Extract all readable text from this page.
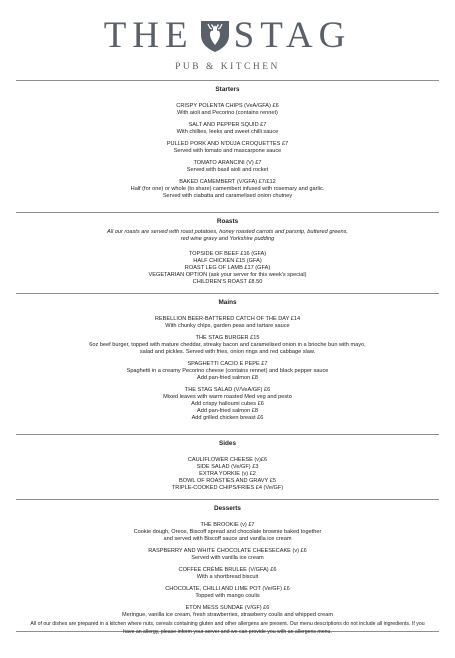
THE STAG
PUB & KITCHEN
Starters
CRISPY POLENTA CHIPS (VeA/GFA) £6
With aioli and Pecorino (contains rennet)
SALT AND PEPPER SQUID £7
With chillies, leeks and sweet chilli sauce
PULLED PORK AND N'DUJA CROQUETTES £7
Served with tomato and mascarpone sauce
TOMATO ARANCINI (V) £7
Served with basil aioli and rocket
BAKED CAMEMBERT (V/GFA) £7/£12
Half (for one) or whole (to share) camembert infused with rosemary and garlic.
Served with ciabatta and caramelised onion chutney
Roasts
All our roasts are served with roast potatoes, honey roasted carrots and parsnip, buttered greens,
red wine gravy and Yorkshire pudding
TOPSIDE OF BEEF £16 (GFA)
HALF CHICKEN £15 (GFA)
ROAST LEG OF LAMB £17 (GFA)
VEGETARIAN OPTION (ask your server for this week's special)
CHILDREN'S ROAST £8.50
Mains
REBELLION BEER-BATTERED CATCH OF THE DAY £14
With chunky chips, garden peas and tartare sauce
THE STAG BURGER £15
6oz beef burger, topped with mature cheddar, streaky bacon and caramelised onion in a brioche bun with mayo,
salad and pickles. Served with fries, onion rings and red cabbage slaw.
SPAGHETTI CACIO E PEPE £7
Spaghetti in a creamy Pecorino cheese (contains rennet) and black pepper sauce
Add pan-fried salmon £8
THE STAG SALAD (V/VeA/GF) £6
Mixed leaves with warm roasted Med veg and pesto
Add crispy halloumi cubes £6
Add pan-fried salmon £8
Add grilled chicken breast £6
Sides
CAULIFLOWER CHEESE (v)£6
SIDE SALAD (Ve/GF) £3
EXTRA YORKIE (v) £2
BOWL OF ROASTIES AND GRAVY £5
TRIPLE-COOKED CHIPS/FRIES £4 (Ve/GF)
Desserts
THE BROOKIE (v) £7
Cookie dough, Oreos, Biscoff spread and chocolate brownie baked together
and served with Biscoff sauce and vanilla ice cream
RASPBERRY AND WHITE CHOCOLATE CHEESECAKE (v) £6
Served with vanilla ice cream
COFFEE CRÈME BRULEE (V/GFA) £6
With a shortbread biscuit
CHOCOLATE, CHILLI AND LIME POT (Ve/GF) £6
Topped with mango coulis
ETON MESS SUNDAE (V/GF) £6
Meringue, vanilla ice cream, fresh strawberries, strawberry coulis and whipped cream
All of our dishes are prepared in a kitchen where nuts, cereals containing gluten and other allergens are present. Our menu descriptions do not include all ingredients. If you
have an allergy, please inform your server and we can provide you with an allergens menu.
